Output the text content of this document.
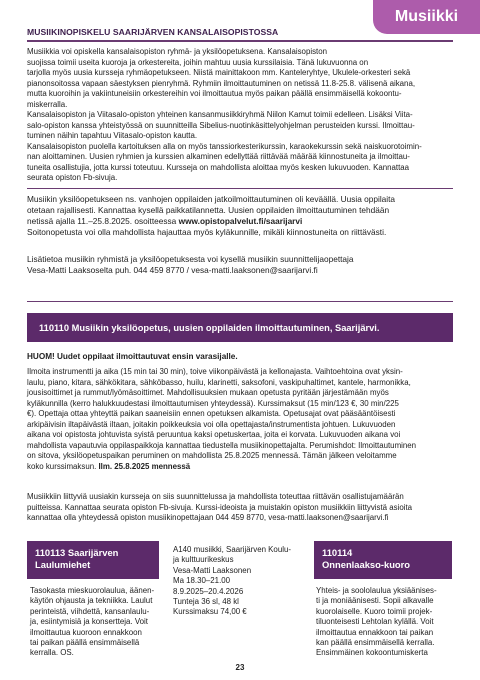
Musiikki
MUSIIKINOPISKELU SAARIJÄRVEN KANSALAISOPISTOSSA
Musiikkia voi opiskella kansalaisopiston ryhmä- ja yksilöopetuksena. Kansalaisopiston
suojissa toimii useita kuoroja ja orkestereita, joihin mahtuu uusia kurssilaisia. Tänä lukuvuonna on
tarjolla myös uusia kursseja ryhmäopetukseen. Niistä mainittakoon mm. Kanteleryhtye, Ukulele-orkesteri sekä
pianonsoitossa vapaan säestyksen pienryhmä. Ryhmiin ilmoittautuminen on netissä 11.8-25.8. välisenä aikana,
mutta kuoroihin ja vakiintuneisiin orkestereihin voi ilmoittautua myös paikan päällä ensimmäisellä kokoontu-
miskerralla.
Kansalaisopiston ja Viitasalo-opiston yhteinen kansanmusiikkiryhmä Niilon Kamut toimii edelleen. Lisäksi Viita-
salo-opiston kanssa yhteistyössä on suunnitteilla Sibelius-nuotinkäsittelyohjelman perusteiden kurssi. Ilmoittau-
tuminen näihin tapahtuu Viitasalo-opiston kautta.
Kansalaisopiston puolella kartoituksen alla on myös tanssiorkesterikurssin, karaokekurssin sekä naiskuorotoimin-
nan aloittaminen. Uusien ryhmien ja kurssien alkaminen edellyttää riittävää määrää kiinnostuneita ja ilmoittau-
tuneita osallistujia, jotta kurssi toteutuu. Kursseja on mahdollista aloittaa myös kesken lukuvuoden. Kannattaa
seurata opiston Fb-sivuja.
Musiikin yksilöopetukseen ns. vanhojen oppilaiden jatkoilmoittautuminen oli keväällä. Uusia oppilaita
otetaan rajallisesti. Kannattaa kysellä paikkatilannetta. Uusien oppilaiden ilmoittautuminen tehdään
netissä ajalla 11.–25.8.2025. osoitteessa www.opistopalvelut.fi/saarijarvi
Soitonopetusta voi olla mahdollista hajauttaa myös kyläkunnille, mikäli kiinnostuneita on riittävästi.
Lisätietoa musiikin ryhmistä ja yksilöopetuksesta voi kysellä musiikin suunnittelijaopettaja
Vesa-Matti Laaksoselta puh. 044 459 8770 / vesa-matti.laaksonen@saarijarvi.fi
110110 Musiikin yksilöopetus, uusien oppilaiden ilmoittautuminen, Saarijärvi.
HUOM! Uudet oppilaat ilmoittautuvat ensin varasijalle.
Ilmoita instrumentti ja aika (15 min tai 30 min), toive viikonpäivästä ja kellonajasta. Vaihtoehtoina ovat yksin-
laulu, piano, kitara, sähkökitara, sähköbasso, huilu, klarinetti, saksofoni, vaskipuhaltimet, kantele, harmonikka,
jousisoittimet ja rummut/lyömäsoittimet. Mahdollisuuksien mukaan opetusta pyritään järjestämään myös
kyläkunnilla (kerro halukkuudestasi ilmoittautumisen yhteydessä). Kurssimaksut (15 min/123 €, 30 min/225
€). Opettaja ottaa yhteyttä paikan saaneisiin ennen opetuksen alkamista. Opetusajat ovat pääsääntöisesti
arkipäivisin iltapäivästä iltaan, joitakin poikkeuksia voi olla opettajasta/instrumentista johtuen. Lukuvuoden
aikana voi opistosta johtuvista syistä peruuntua kaksi opetuskertaa, joita ei korvata. Lukuvuoden aikana voi
mahdollista vapautuvia oppilaspaikkoja kannattaa tiedustella musiikinopettajalta. Perumishdot: Ilmoittautuminen
on sitova, yksilöopetuspaikan peruminen on mahdollista 25.8.2025 mennessä. Tämän jälkeen veloitamme
koko kurssimaksun. Ilm. 25.8.2025 mennessä
Musiikkiin liittyviä uusiakin kursseja on siis suunnittelussa ja mahdollista toteuttaa riittävän osallistujamäärän
puitteissa. Kannattaa seurata opiston Fb-sivuja. Kurssi-ideoista ja muistakin opiston musiikkiin liittyvistä asioita
kannattaa olla yhteydessä opiston musiikinopettajaan 044 459 8770, vesa-matti.laaksonen@saarijarvi.fi
110113 Saarijärven
Laulumiehet
Tasokasta mieskuorolaulua, äänen-
käytön ohjausta ja tekniikka. Laulut
perinteistä, viihdettä, kansanlaulu-
ja, esiintymisiä ja konsertteja. Voit
ilmoittautua kuoroon ennakkoon
tai paikan päällä ensimmäisellä
kerralla. OS.
A140 musiikki, Saarijärven Koulu-
ja kulttuurikeskus
Vesa-Matti Laaksonen
Ma 18.30–21.00
8.9.2025–20.4.2026
Tunteja 36 sl, 48 kl
Kurssimaksu 74,00 €
110114
Onnenlaakso-kuoro
Yhteis- ja soololaulua yksiäänises-
ti ja moniäänisesti. Sopii alkavalle
kuorolaiselle. Kuoro toimii projek-
tiluonteisesti Lehtolan kylällä. Voit
ilmoittautua ennakkoon tai paikan
kan päällä ensimmäisellä kerralla.
Ensimmäinen kokoontumiskerta
23
